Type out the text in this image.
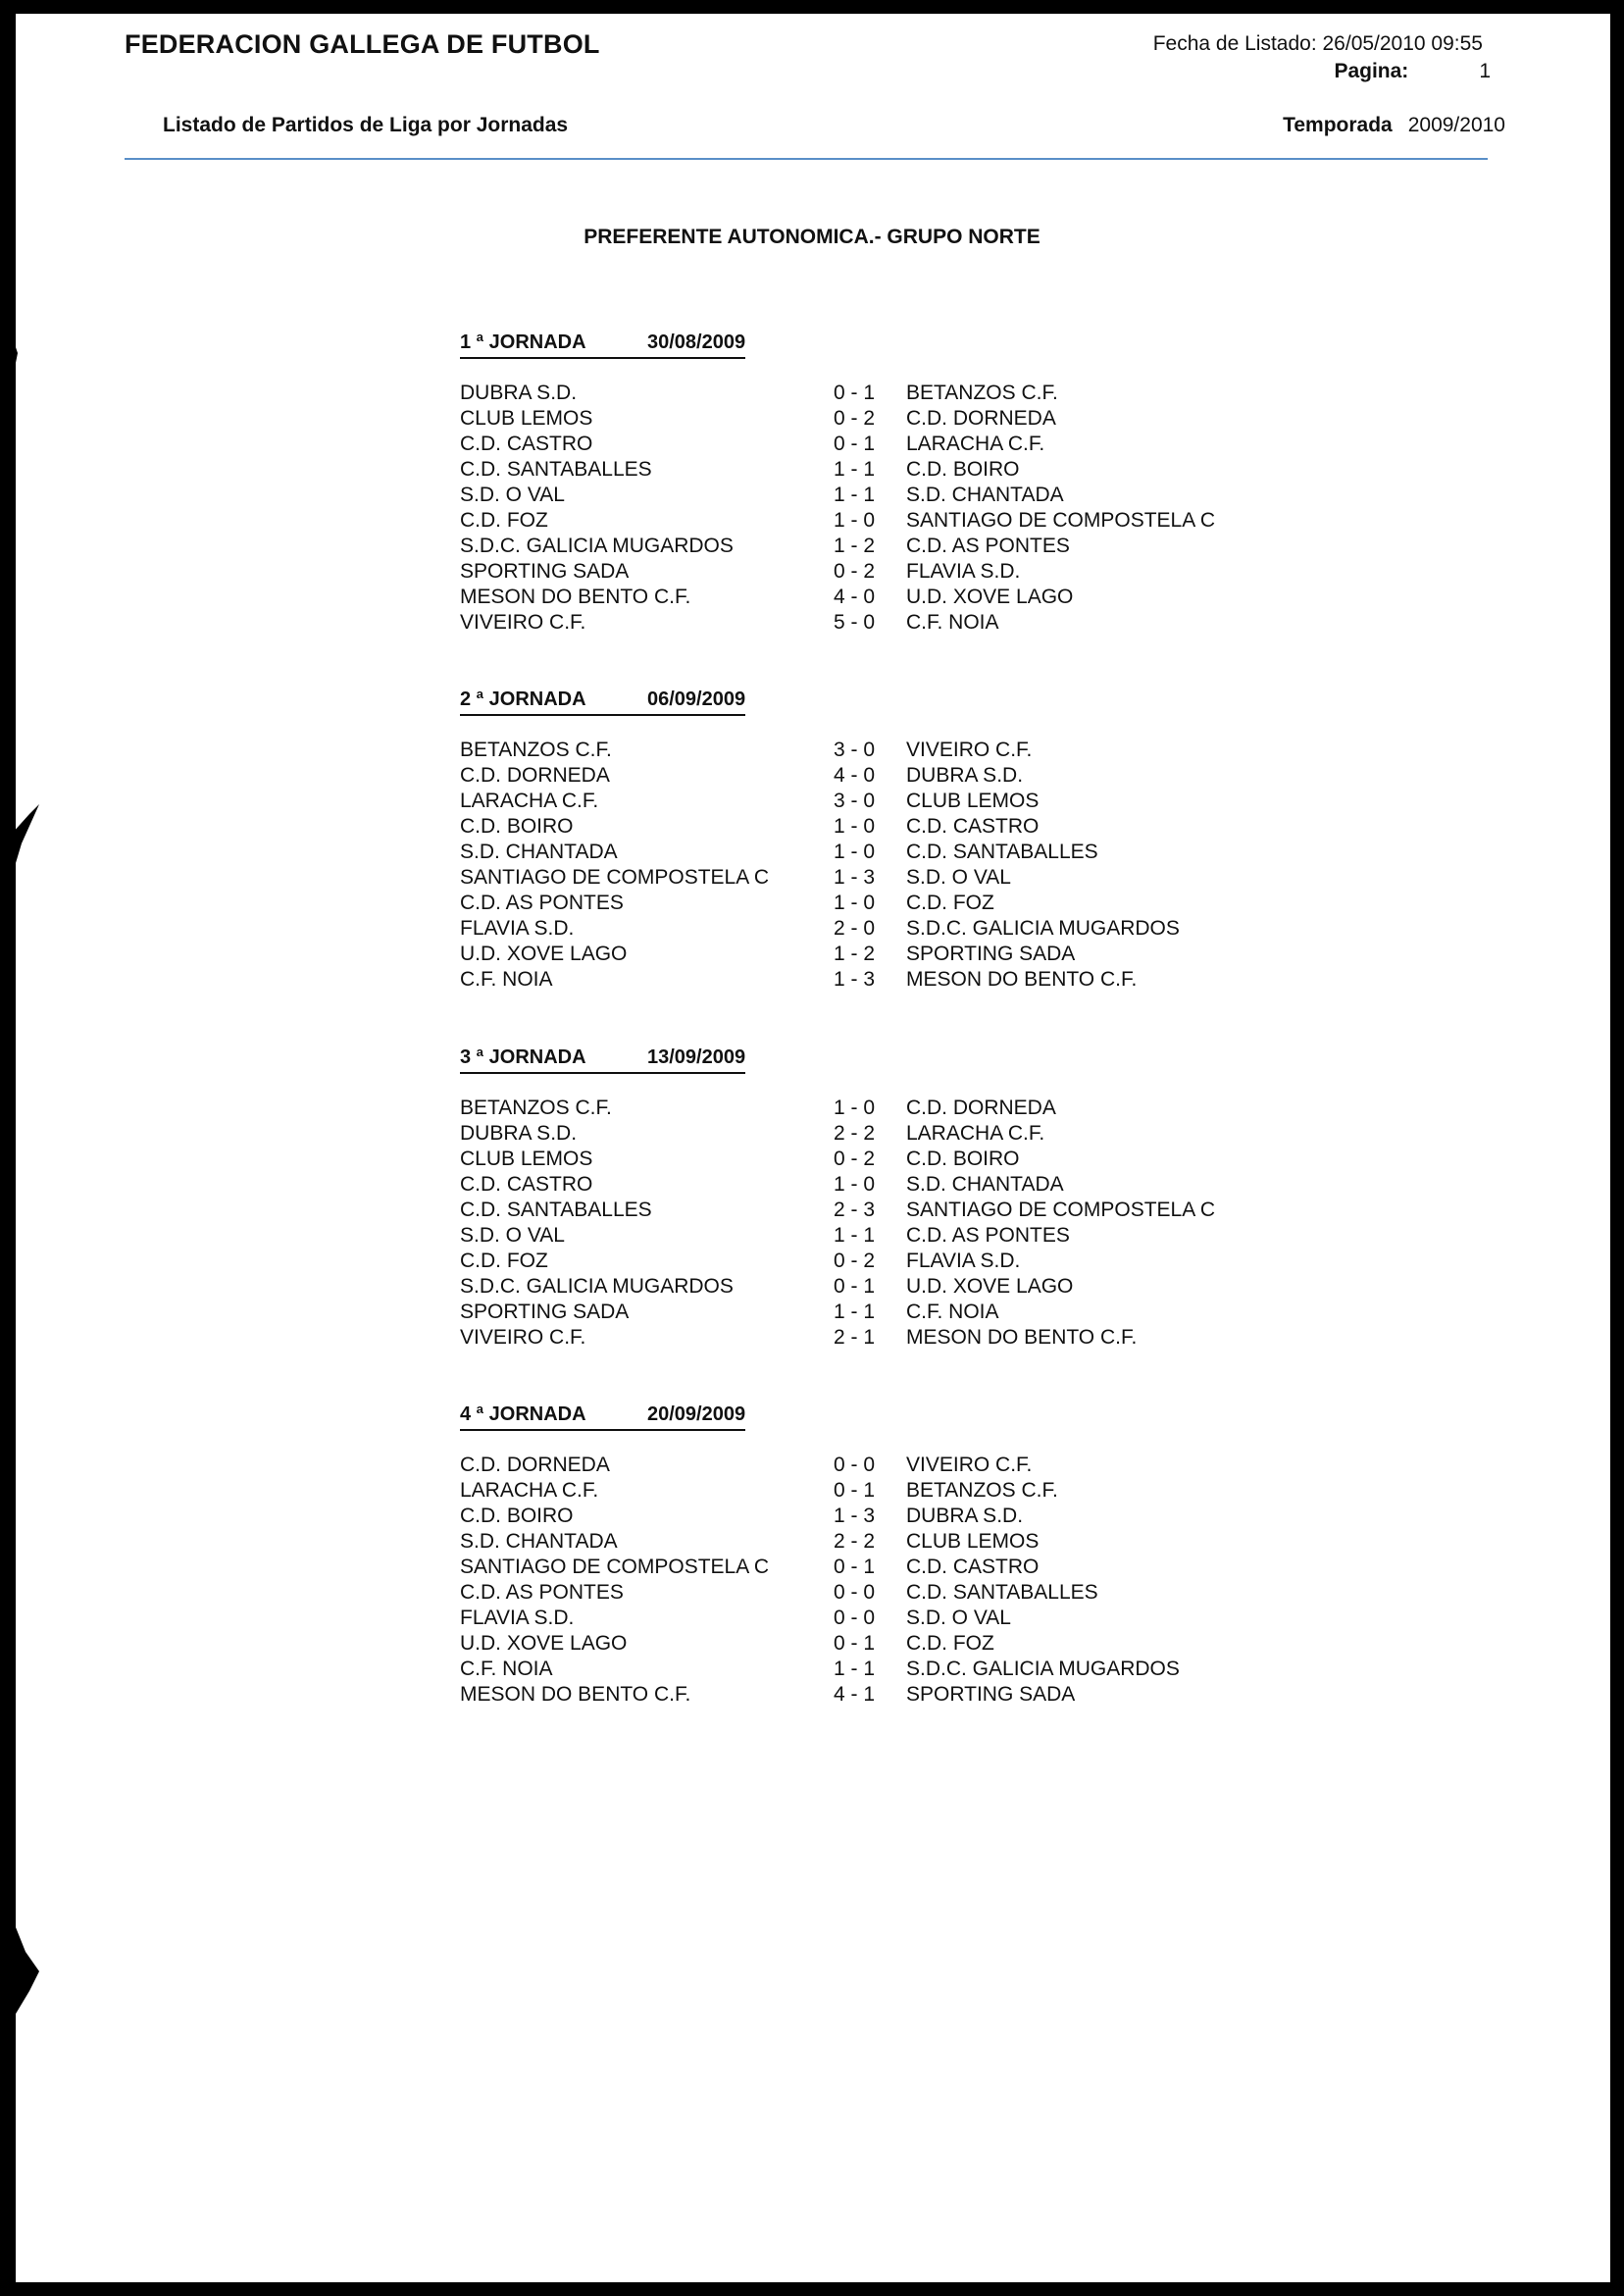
FEDERACION GALLEGA DE FUTBOL	Fecha de Listado: 26/05/2010 09:55
Pagina:	1
Listado de Partidos de Liga por Jornadas	Temporada 2009/2010
PREFERENTE AUTONOMICA.- GRUPO NORTE
1 ª JORNADA	30/08/2009
DUBRA S.D.	0 - 1 BETANZOS C.F.
CLUB LEMOS	0 - 2 C.D. DORNEDA
C.D. CASTRO	0 - 1 LARACHA C.F.
C.D. SANTABALLES	1 - 1 C.D. BOIRO
S.D. O VAL	1 - 1 S.D. CHANTADA
C.D. FOZ	1 - 0 SANTIAGO DE COMPOSTELA C
S.D.C. GALICIA MUGARDOS	1 - 2 C.D. AS PONTES
SPORTING SADA	0 - 2 FLAVIA S.D.
MESON DO BENTO C.F.	4 - 0 U.D. XOVE LAGO
VIVEIRO C.F.	5 - 0 C.F. NOIA
2 ª JORNADA	06/09/2009
BETANZOS C.F.	3 - 0 VIVEIRO C.F.
C.D. DORNEDA	4 - 0 DUBRA S.D.
LARACHA C.F.	3 - 0 CLUB LEMOS
C.D. BOIRO	1 - 0 C.D. CASTRO
S.D. CHANTADA	1 - 0 C.D. SANTABALLES
SANTIAGO DE COMPOSTELA C	1 - 3 S.D. O VAL
C.D. AS PONTES	1 - 0 C.D. FOZ
FLAVIA S.D.	2 - 0 S.D.C. GALICIA MUGARDOS
U.D. XOVE LAGO	1 - 2 SPORTING SADA
C.F. NOIA	1 - 3 MESON DO BENTO C.F.
3 ª JORNADA	13/09/2009
BETANZOS C.F.	1 - 0 C.D. DORNEDA
DUBRA S.D.	2 - 2 LARACHA C.F.
CLUB LEMOS	0 - 2 C.D. BOIRO
C.D. CASTRO	1 - 0 S.D. CHANTADA
C.D. SANTABALLES	2 - 3 SANTIAGO DE COMPOSTELA C
S.D. O VAL	1 - 1 C.D. AS PONTES
C.D. FOZ	0 - 2 FLAVIA S.D.
S.D.C. GALICIA MUGARDOS	0 - 1 U.D. XOVE LAGO
SPORTING SADA	1 - 1 C.F. NOIA
VIVEIRO C.F.	2 - 1 MESON DO BENTO C.F.
4 ª JORNADA	20/09/2009
C.D. DORNEDA	0 - 0 VIVEIRO C.F.
LARACHA C.F.	0 - 1 BETANZOS C.F.
C.D. BOIRO	1 - 3 DUBRA S.D.
S.D. CHANTADA	2 - 2 CLUB LEMOS
SANTIAGO DE COMPOSTELA C	0 - 1 C.D. CASTRO
C.D. AS PONTES	0 - 0 C.D. SANTABALLES
FLAVIA S.D.	0 - 0 S.D. O VAL
U.D. XOVE LAGO	0 - 1 C.D. FOZ
C.F. NOIA	1 - 1 S.D.C. GALICIA MUGARDOS
MESON DO BENTO C.F.	4 - 1 SPORTING SADA
